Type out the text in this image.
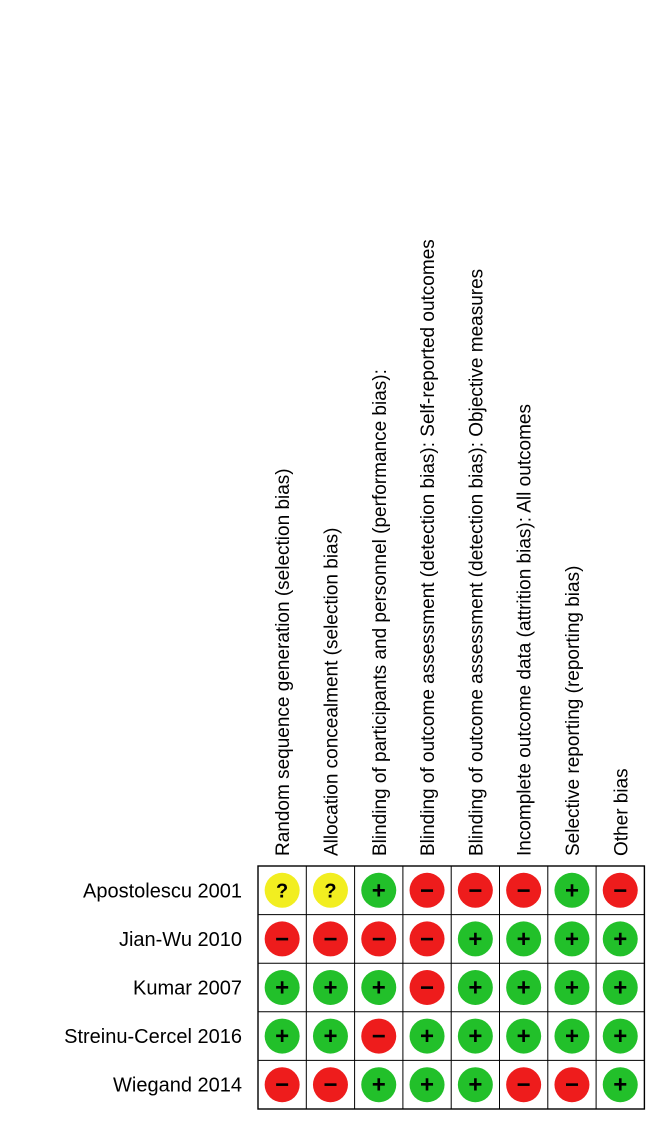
Random sequence generation (selection bias) Allocation concealment (selection bias) Blinding of participants and personnel (performance bias): Blinding of outcome assessment (detection bias): Self-reported outcomes Blinding of outcome assessment (detection bias): Objective measures Incomplete outcome data (attrition bias): All outcomes Selective reporting (reporting bias) Other bias
Apostolescu 2001
Jian-Wu 2010
Kumar 2007
Streinu-Cercel 2016
Wiegand 2014
? ? + − − − + −
− − − − + + + +
+ + + − + + + +
+ + − + + + + +
− − + + + − − +
